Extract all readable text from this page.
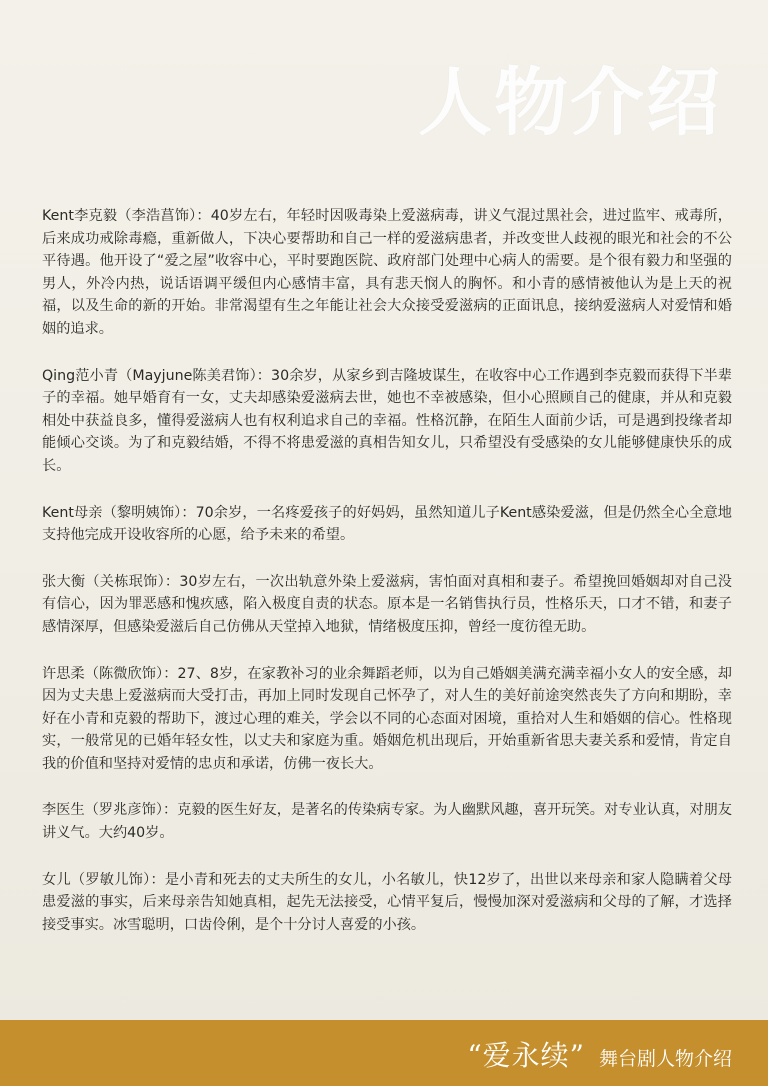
人物介绍

Kent李克毅（李浩菖饰）：40岁左右，年轻时因吸毒染上爱滋病毒，讲义气混过黑社会，进过监牢、戒毒所，后来成功戒除毒瘾，重新做人，下决心要帮助和自己一样的爱滋病患者，并改变世人歧视的眼光和社会的不公平待遇。他开设了“爱之屋”收容中心，平时要跑医院、政府部门处理中心病人的需要。是个很有毅力和坚强的男人，外冷内热，说话语调平缓但内心感情丰富，具有悲天悯人的胸怀。和小青的感情被他认为是上天的祝福，以及生命的新的开始。非常渴望有生之年能让社会大众接受爱滋病的正面讯息，接纳爱滋病人对爱情和婚姻的追求。

Qing范小青（Mayjune陈美君饰）：30余岁，从家乡到吉隆坡谋生，在收容中心工作遇到李克毅而获得下半辈子的幸福。她早婚育有一女，丈夫却感染爱滋病去世，她也不幸被感染，但小心照顾自己的健康，并从和克毅相处中获益良多，懂得爱滋病人也有权利追求自己的幸福。性格沉静，在陌生人面前少话，可是遇到投缘者却能倾心交谈。为了和克毅结婚，不得不将患爱滋的真相告知女儿，只希望没有受感染的女儿能够健康快乐的成长。

Kent母亲（黎明姨饰）：70余岁，一名疼爱孩子的好妈妈，虽然知道儿子Kent感染爱滋，但是仍然全心全意地支持他完成开设收容所的心愿，给予未来的希望。

张大衡（关栋珉饰）：30岁左右，一次出轨意外染上爱滋病，害怕面对真相和妻子。希望挽回婚姻却对自己没有信心，因为罪恶感和愧疚感，陷入极度自责的状态。原本是一名销售执行员，性格乐天，口才不错，和妻子感情深厚，但感染爱滋后自己仿佛从天堂掉入地狱，情绪极度压抑，曾经一度彷徨无助。

许思柔（陈微欣饰）：27、8岁，在家教补习的业余舞蹈老师，以为自己婚姻美满充满幸福小女人的安全感，却因为丈夫患上爱滋病而大受打击，再加上同时发现自己怀孕了，对人生的美好前途突然丧失了方向和期盼，幸好在小青和克毅的帮助下，渡过心理的难关，学会以不同的心态面对困境，重拾对人生和婚姻的信心。性格现实，一般常见的已婚年轻女性，以丈夫和家庭为重。婚姻危机出现后，开始重新省思夫妻关系和爱情，肯定自我的价值和坚持对爱情的忠贞和承诺，仿佛一夜长大。

李医生（罗兆彦饰）：克毅的医生好友，是著名的传染病专家。为人幽默风趣，喜开玩笑。对专业认真，对朋友讲义气。大约40岁。

女儿（罗敏儿饰）：是小青和死去的丈夫所生的女儿，小名敏儿，快12岁了，出世以来母亲和家人隐瞒着父母患爱滋的事实，后来母亲告知她真相，起先无法接受，心情平复后，慢慢加深对爱滋病和父母的了解，才选择接受事实。冰雪聪明，口齿伶俐，是个十分讨人喜爱的小孩。

“爱永续” 舞台剧人物介绍
